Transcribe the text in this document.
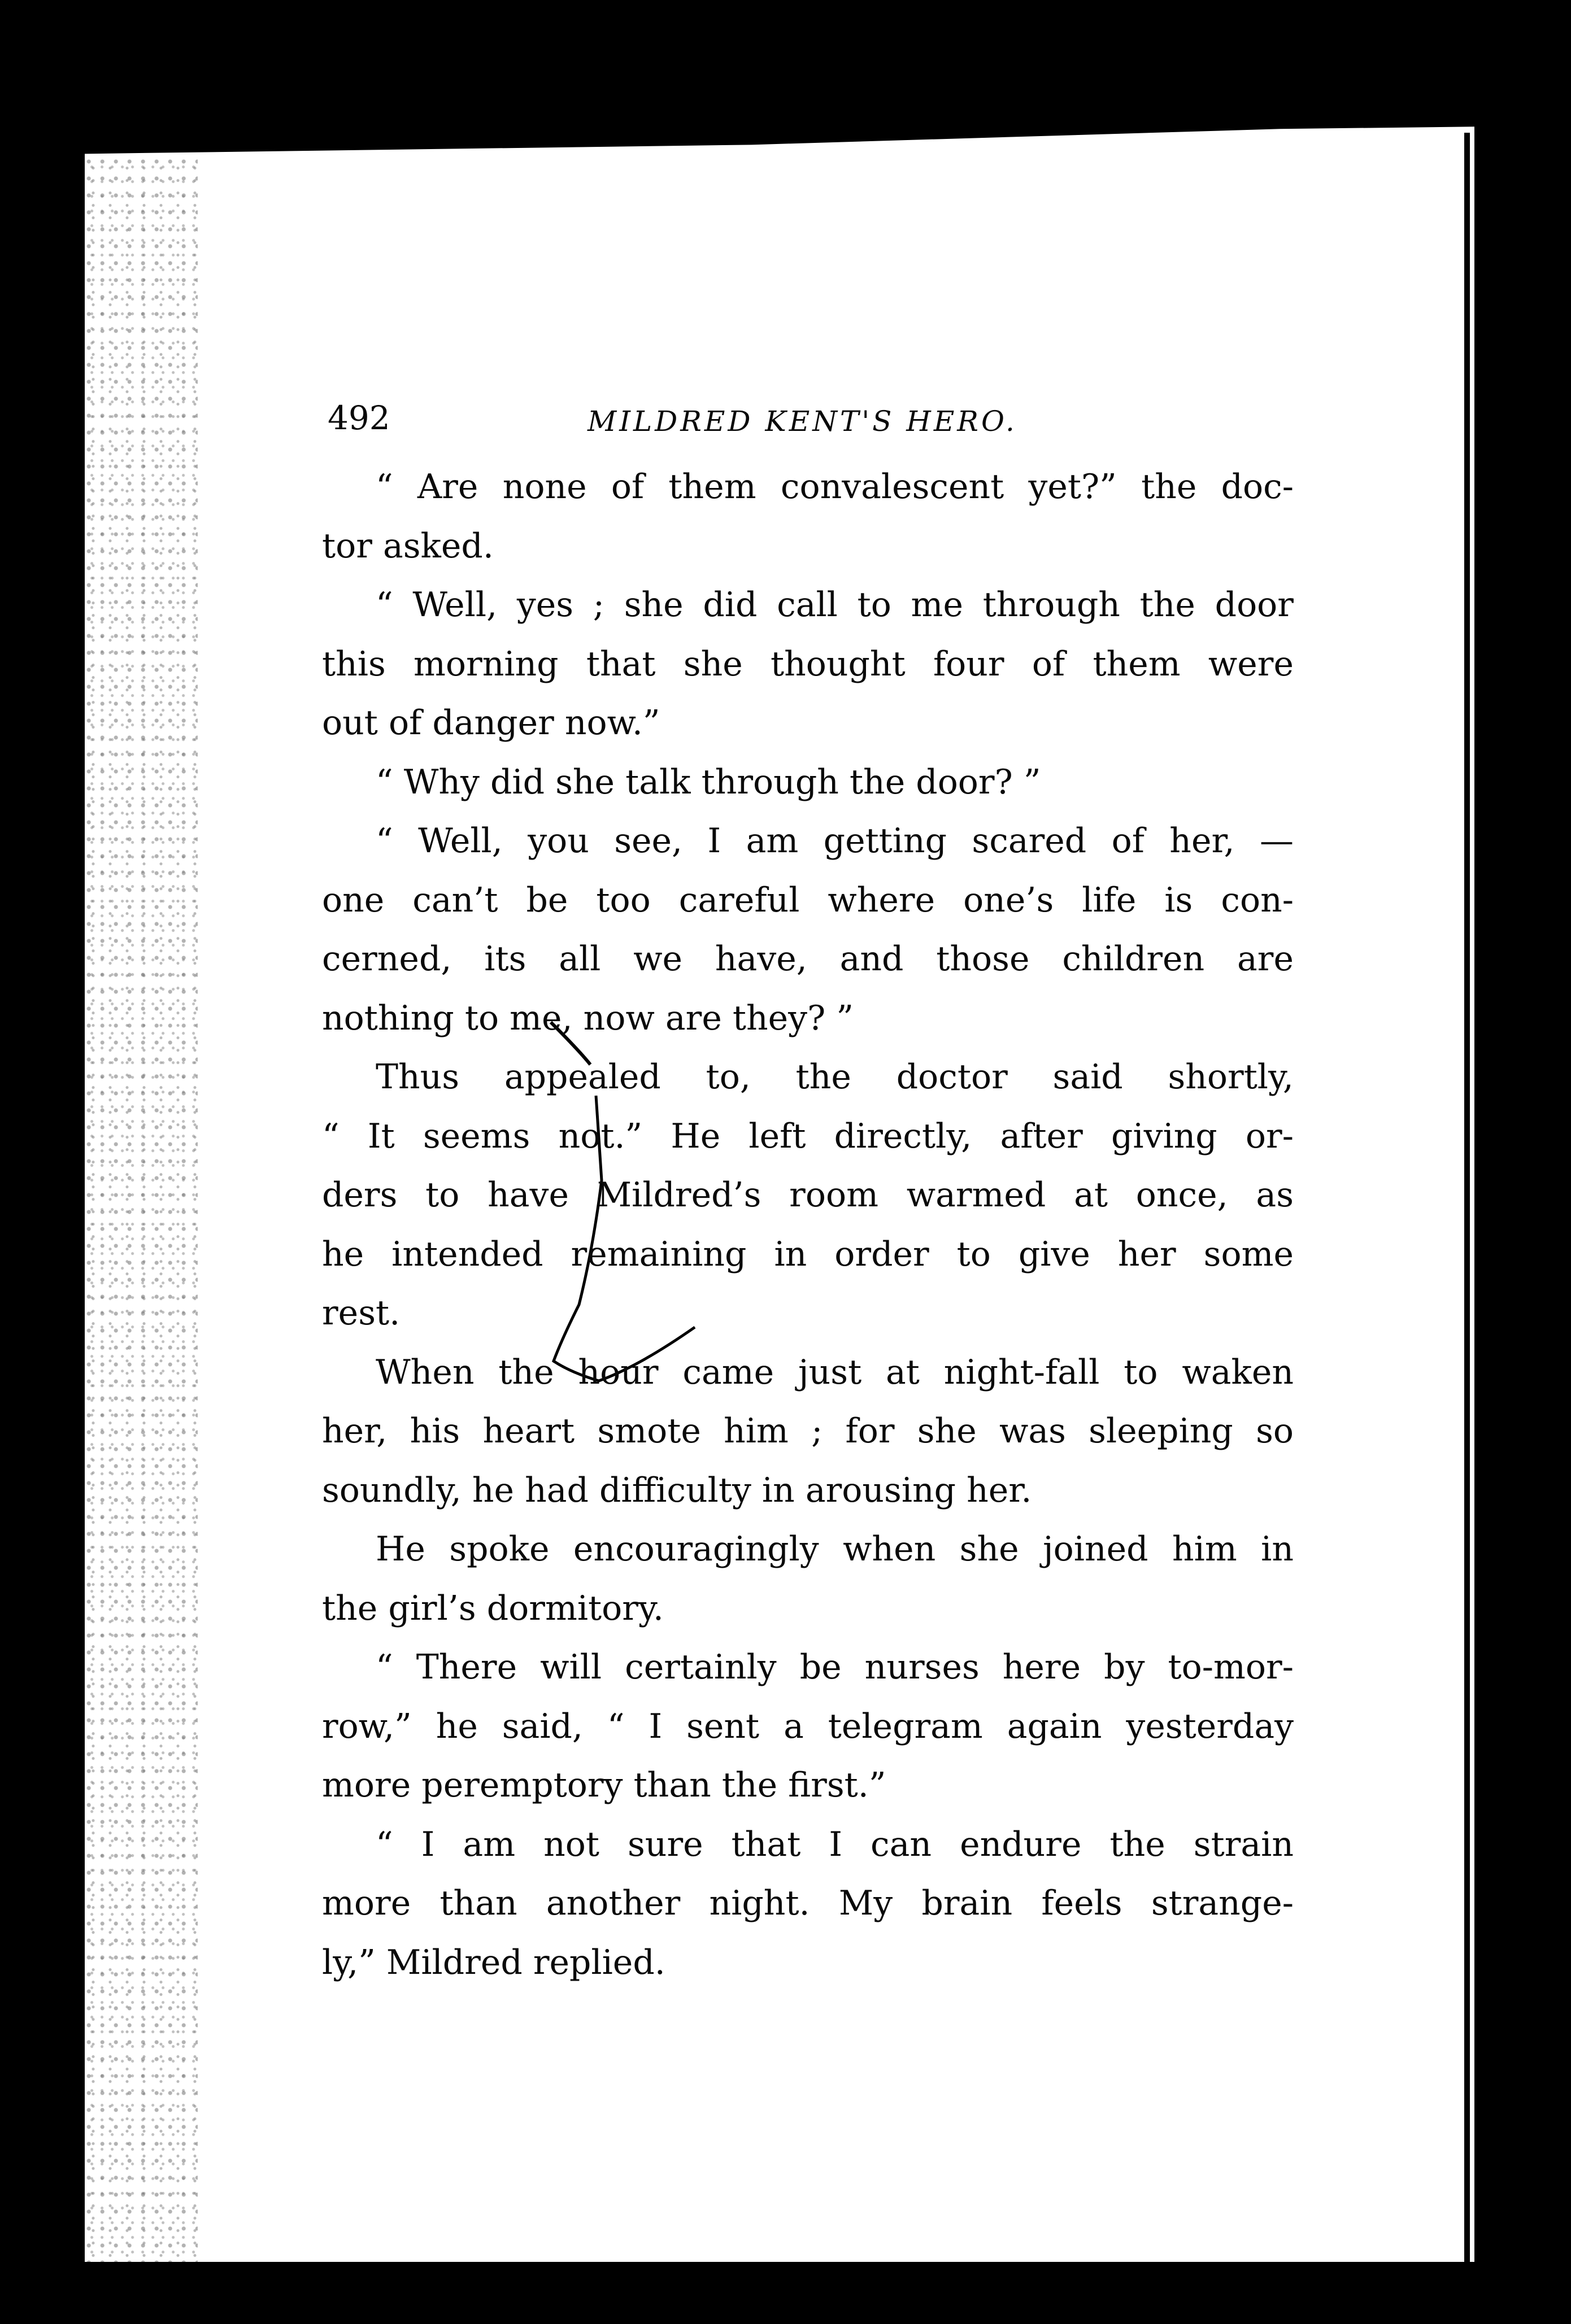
492	MILDRED KENT'S HERO.
“ Are none of them convalescent yet?” the doc-
tor asked.
“ Well, yes ; she did call to me through the door
this morning that she thought four of them were
out of danger now.”
“ Why did she talk through the door? ”
“ Well, you see, I am getting scared of her, —
one can’t be too careful where one’s life is con-
cerned, its all we have, and those children are
nothing to me, now are they? ”
Thus appealed to, the doctor said shortly,
“ It seems not.” He left directly, after giving or-
ders to have Mildred’s room warmed at once, as
he intended remaining in order to give her some
rest.
When the hour came just at night-fall to waken
her, his heart smote him ; for she was sleeping so
soundly, he had difficulty in arousing her.
He spoke encouragingly when she joined him in
the girl’s dormitory.
“ There will certainly be nurses here by to-mor-
row,” he said, “ I sent a telegram again yesterday
more peremptory than the first.”
“ I am not sure that I can endure the strain
more than another night. My brain feels strange-
ly,” Mildred replied.
